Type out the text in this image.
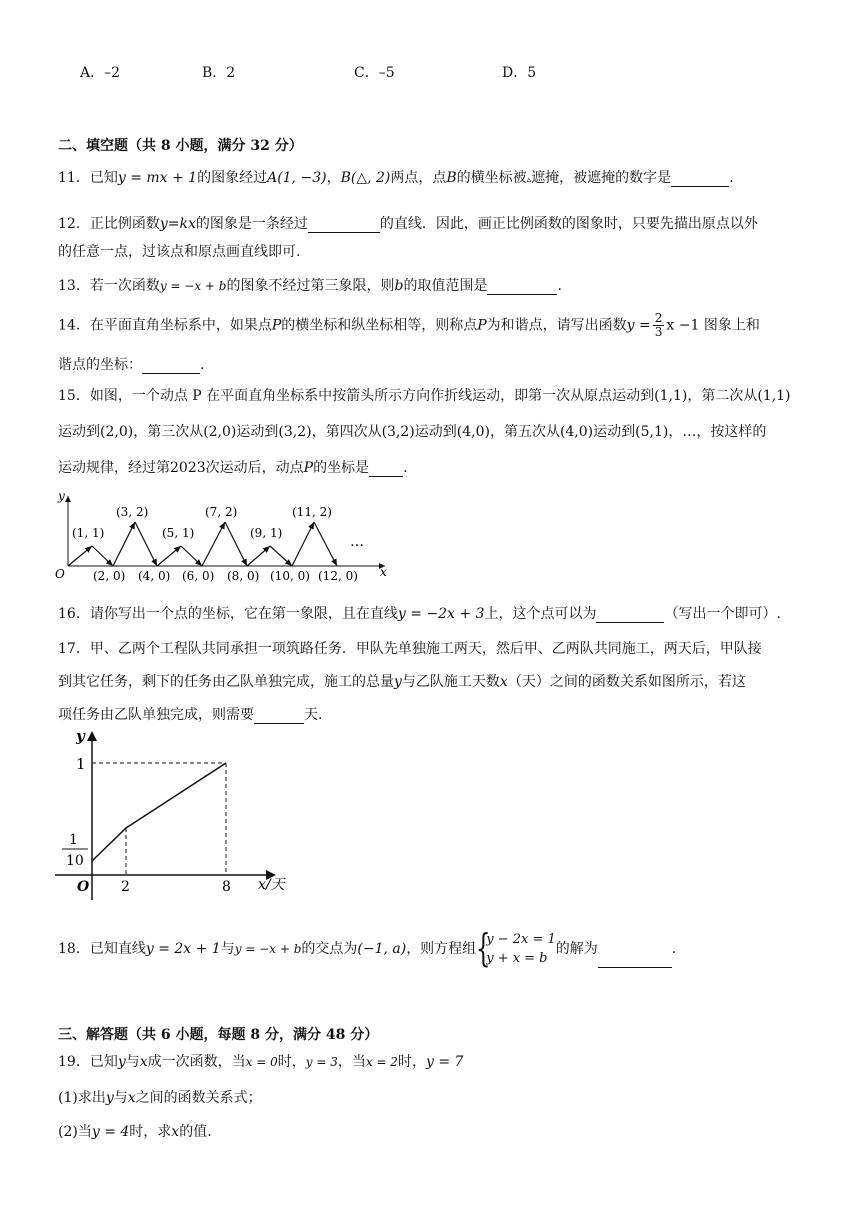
A．–2	B．2	C．–5	D．5
二、填空题（共 8 小题，满分 32 分）
11．已知y = mx + 1的图象经过A(1, −3)，B(△, 2)两点，点B的横坐标被▵遮掩，被遮掩的数字是	.
12．正比例函数y=kx的图象是一条经过	的直线．因此，画正比例函数的图象时，只要先描出原点以外
的任意一点，过该点和原点画直线即可.
13．若一次函数y = −x + b的图象不经过第三象限，则b的取值范围是	.
14．在平面直角坐标系中，如果点P的横坐标和纵坐标相等，则称点P为和谐点，请写出函数$y = \frac{2}{3}$ x −1 图象上和
谐点的坐标：	.
15．如图，一个动点 P 在平面直角坐标系中按箭头所示方向作折线运动，即第一次从原点运动到(1,1)，第二次从(1,1)
运动到(2,0)，第三次从(2,0)运动到(3,2)，第四次从(3,2)运动到(4,0)，第五次从(4,0)运动到(5,1)，…，按这样的
运动规律，经过第2023次运动后，动点P的坐标是 .
y
x
O
(1, 1)
(3, 2)
(5, 1)
(7, 2)
(9, 1)
(11, 2)
(2, 0) (4, 0) (6, 0) (8, 0) (10, 0) (12, 0)
…
16．请你写出一个点的坐标，它在第一象限，且在直线y = −2x + 3上，这个点可以为	（写出一个即可）.
17．甲、乙两个工程队共同承担一项筑路任务．甲队先单独施工两天，然后甲、乙两队共同施工，两天后，甲队接
到其它任务，剩下的任务由乙队单独完成，施工的总量y与乙队施工天数x（天）之间的函数关系如图所示，若这
项任务由乙队单独完成，则需要	天.
y
x/天
O
1
1
10
2	8
18．已知直线y = 2x + 1与y = −x + b的交点为(−1, a)，则方程组 {
y − 2x = 1
y + x = b
的解为	.
三、解答题（共 6 小题，每题 8 分，满分 48 分）
19．已知y与x成一次函数，当x = 0时，y = 3，当x = 2时，y = 7
(1)求出y与x之间的函数关系式；
(2)当y = 4时，求x的值.
